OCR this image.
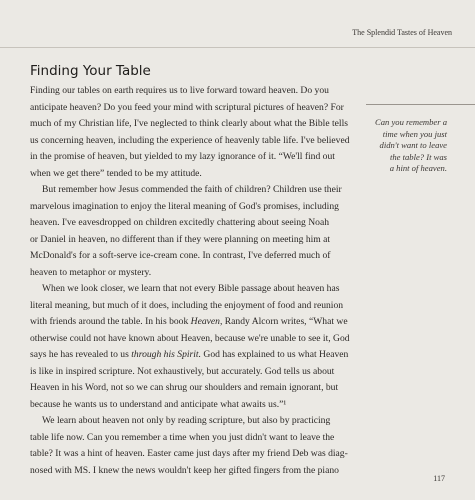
The Splendid Tastes of Heaven
Finding Your Table

Finding our tables on earth requires us to live forward toward heaven. Do you
anticipate heaven? Do you feed your mind with scriptural pictures of heaven? For
much of my Christian life, I've neglected to think clearly about what the Bible tells
us concerning heaven, including the experience of heavenly table life. I've believed
in the promise of heaven, but yielded to my lazy ignorance of it. “We'll find out
when we get there” tended to be my attitude.

But remember how Jesus commended the faith of children? Children use their
marvelous imagination to enjoy the literal meaning of God's promises, including
heaven. I've eavesdropped on children excitedly chattering about seeing Noah
or Daniel in heaven, no different than if they were planning on meeting him at
McDonald's for a soft-serve ice-cream cone. In contrast, I've deferred much of
heaven to metaphor or mystery.

When we look closer, we learn that not every Bible passage about heaven has
literal meaning, but much of it does, including the enjoyment of food and reunion
with friends around the table. In his book Heaven, Randy Alcorn writes, “What we
otherwise could not have known about Heaven, because we're unable to see it, God
says he has revealed to us through his Spirit. God has explained to us what Heaven
is like in inspired scripture. Not exhaustively, but accurately. God tells us about
Heaven in his Word, not so we can shrug our shoulders and remain ignorant, but
because he wants us to understand and anticipate what awaits us.”¹

We learn about heaven not only by reading scripture, but also by practicing
table life now. Can you remember a time when you just didn't want to leave the
table? It was a hint of heaven. Easter came just days after my friend Deb was diag-
nosed with MS. I knew the news wouldn't keep her gifted fingers from the piano

Can you remember a
time when you just
didn't want to leave
the table? It was
a hint of heaven.
117
